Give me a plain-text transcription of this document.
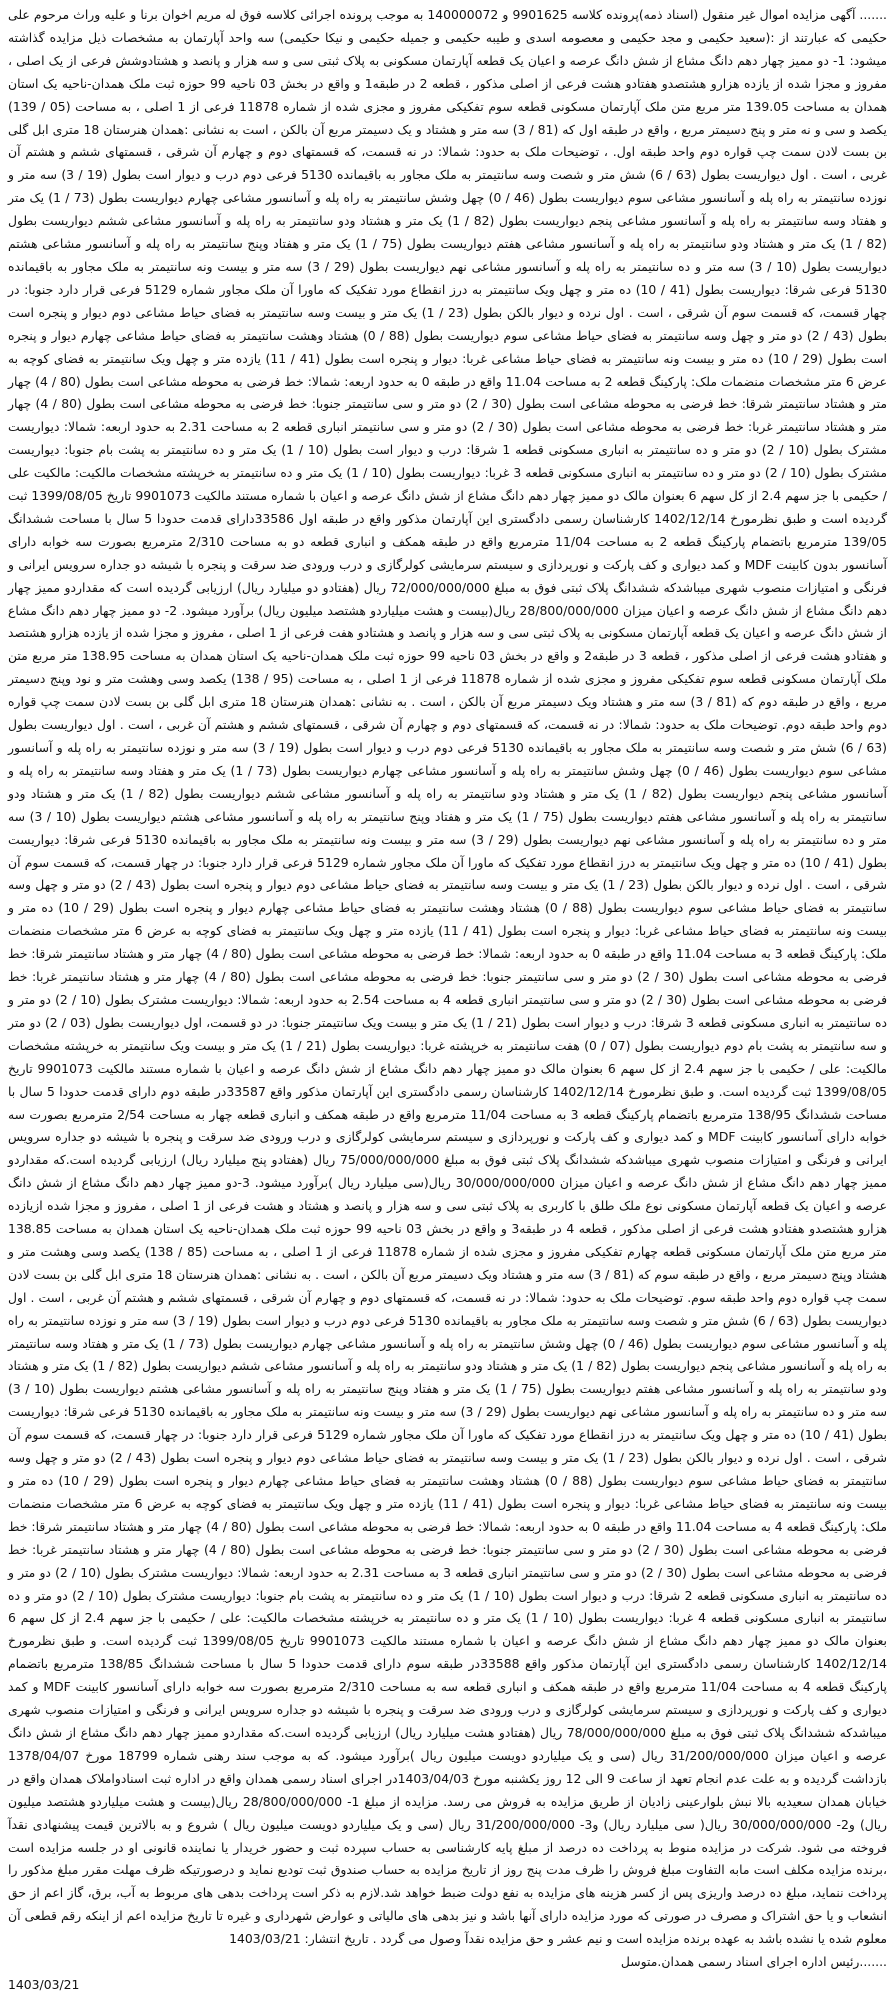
.......آگهی مزایده اموال غیر منقول (اسناد ذمه)پرونده کلاسه 9901625 و 140000072 به موجب پرونده اجرائی کلاسه فوق له مریم اخوان برنا و علیه وراث مرحوم علی حکیمی که عبارتند از :(سعید حکیمی و مجد حکیمی و معصومه اسدی و طیبه حکیمی و جمیله حکیمی و نیکا حکیمی) سه واحد آپارتمان به مشخصات ذیل مزایده گذاشته میشود: 1- دو ممیز چهار دهم دانگ مشاع از شش دانگ عرصه و اعیان یک قطعه آپارتمان مسکونی به پلاک ثبتی سی و سه هزار و پانصد و هشتادوشش فرعی از یک اصلی ، مفروز و مجزا شده از یازده هزارو هشتصدو هفتادو هشت فرعی از اصلی مذکور ، قطعه 2 در طبقه1 و واقع در بخش 03 ناحیه 99 حوزه ثبت ملک همدان-ناحیه یک استان همدان به مساحت 139.05 متر مربع متن ملک آپارتمان مسکونی قطعه سوم تفکیکی مفروز و مجزی شده از شماره 11878 فرعی از 1 اصلی ، به مساحت (05 / 139) یکصد و سی و نه متر و پنج دسیمتر مربع ، واقع در طبقه اول که (81 / 3) سه متر و هشتاد و یک دسیمتر مربع آن بالکن ، است به نشانی :همدان هنرستان 18 متری ابل گلی بن بست لادن سمت چپ قواره دوم واحد طبقه اول. ، توضیحات ملک به حدود: شمالا: در نه قسمت، که قسمتهای دوم و چهارم آن شرقی ، قسمتهای ششم و هشتم آن غربی ، است . اول دیواریست بطول (63 / 6) شش متر و شصت وسه سانتیمتر به ملک مجاور به باقیمانده 5130 فرعی دوم درب و دیوار است بطول (19 / 3) سه متر و نوزده سانتیمتر به راه پله و آسانسور مشاعی سوم دیواریست بطول (46 / 0) چهل وشش سانتیمتر به راه پله و آسانسور مشاعی چهارم دیواریست بطول (73 / 1) یک متر و هفتاد وسه سانتیمتر به راه پله و آسانسور مشاعی پنجم دیواریست بطول (82 / 1) یک متر و هشتاد ودو سانتیمتر به راه پله و آسانسور مشاعی ششم دیواریست بطول (82 / 1) یک متر و هشتاد ودو سانتیمتر به راه پله و آسانسور مشاعی هفتم دیواریست بطول (75 / 1) یک متر و هفتاد وپنج سانتیمتر به راه پله و آسانسور مشاعی هشتم دیواریست بطول (10 / 3) سه متر و ده سانتیمتر به راه پله و آسانسور مشاعی نهم دیواریست بطول (29 / 3) سه متر و بیست ونه سانتیمتر به ملک مجاور به باقیمانده 5130 فرعی شرقا: دیواریست بطول (41 / 10) ده متر و چهل ویک سانتیمتر به درز انقطاع مورد تفکیک که ماورا آن ملک مجاور شماره 5129 فرعی قرار دارد جنوبا: در چهار قسمت، که قسمت سوم آن شرقی ، است . اول نرده و دیوار بالکن بطول (23 / 1) یک متر و بیست وسه سانتیمتر به فضای حیاط مشاعی دوم دیوار و پنجره است بطول (43 / 2) دو متر و چهل وسه سانتیمتر به فضای حیاط مشاعی سوم دیواریست بطول (88 / 0) هشتاد وهشت سانتیمتر به فضای حیاط مشاعی چهارم دیوار و پنجره است بطول (29 / 10) ده متر و بیست ونه سانتیمتر به فضای حیاط مشاعی غربا: دیوار و پنجره است بطول (41 / 11) یازده متر و چهل ویک سانتیمتر به فضای کوچه به عرض 6 متر مشخصات منضمات ملک: پارکینگ قطعه 2 به مساحت 11.04 واقع در طبقه 0 به حدود اربعه: شمالا: خط فرضی به محوطه مشاعی است بطول (80 / 4) چهار متر و هشتاد سانتیمتر شرقا: خط فرضی به محوطه مشاعی است بطول (30 / 2) دو متر و سی سانتیمتر جنوبا: خط فرضی به محوطه مشاعی است بطول (80 / 4) چهار متر و هشتاد سانتیمتر غربا: خط فرضی به محوطه مشاعی است بطول (30 / 2) دو متر و سی سانتیمتر انباری قطعه 2 به مساحت 2.31 به حدود اربعه: شمالا: دیواریست مشترک بطول (10 / 2) دو متر و ده سانتیمتر به انباری مسکونی قطعه 1 شرقا: درب و دیوار است بطول (10 / 1) یک متر و ده سانتیمتر به پشت بام جنوبا: دیواریست مشترک بطول (10 / 2) دو متر و ده سانتیمتر به انباری مسکونی قطعه 3 غربا: دیواریست بطول (10 / 1) یک متر و ده سانتیمتر به خرپشته مشخصات مالکیت: مالکیت علی / حکیمی با جز سهم 2.4 از کل سهم 6 بعنوان مالک دو ممیز چهار دهم دانگ مشاع از شش دانگ عرصه و اعیان با شماره مستند مالکیت 9901073 تاریخ 1399/08/05 ثبت گردیده است و طبق نظرمورخ 1402/12/14 کارشناسان رسمی دادگستری این آپارتمان مذکور واقع در طبقه اول 33586دارای قدمت حدودا 5 سال با مساحت ششدانگ 139/05 مترمربع باتضمام پارکینگ قطعه 2 به مساحت 11/04 مترمربع واقع در طبقه همکف و انباری قطعه دو به مساحت 2/310 مترمربع بصورت سه خوابه دارای آسانسور بدون کابینت MDF و کمد دیواری و کف پارکت و نورپردازی و سیستم سرمایشی کولرگازی و درب ورودی ضد سرقت و پنجره با شیشه دو جداره سرویس ایرانی و فرنگی و امتیازات منصوب شهری میباشدکه ششدانگ پلاک ثبتی فوق به مبلغ 72/000/000/000 ریال (هفتادو دو میلیارد ریال) ارزیابی گردیده است که مقداردو ممیز چهار دهم دانگ مشاع از شش دانگ عرصه و اعیان میزان 28/800/000/000 ریال(بیست و هشت میلیاردو هشتصد میلیون ریال) برآورد میشود. 2- دو ممیز چهار دهم دانگ مشاع از شش دانگ عرصه و اعیان یک قطعه آپارتمان مسکونی به پلاک ثبتی سی و سه هزار و پانصد و هشتادو هفت فرعی از 1 اصلی ، مفروز و مجزا شده از یازده هزارو هشتصد و هفتادو هشت فرعی از اصلی مذکور ، قطعه 3 در طبقه2 و واقع در بخش 03 ناحیه 99 حوزه ثبت ملک همدان-ناحیه یک استان همدان به مساحت 138.95 متر مربع متن ملک آپارتمان مسکونی قطعه سوم تفکیکی مفروز و مجزی شده از شماره 11878 فرعی از 1 اصلی ، به مساحت (95 / 138) یکصد وسی وهشت متر و نود وپنج دسیمتر مربع ، واقع در طبقه دوم که (81 / 3) سه متر و هشتاد ویک دسیمتر مربع آن بالکن ، است . به نشانی :همدان هنرستان 18 متری ابل گلی بن بست لادن سمت چپ قواره دوم واحد طبقه دوم. توضیحات ملک به حدود: شمالا: در نه قسمت، که قسمتهای دوم و چهارم آن شرقی ، قسمتهای ششم و هشتم آن غربی ، است . اول دیواریست بطول (63 / 6) شش متر و شصت وسه سانتیمتر به ملک مجاور به باقیمانده 5130 فرعی دوم درب و دیوار است بطول (19 / 3) سه متر و نوزده سانتیمتر به راه پله و آسانسور مشاعی سوم دیواریست بطول (46 / 0) چهل وشش سانتیمتر به راه پله و آسانسور مشاعی چهارم دیواریست بطول (73 / 1) یک متر و هفتاد وسه سانتیمتر به راه پله و آسانسور مشاعی پنجم دیواریست بطول (82 / 1) یک متر و هشتاد ودو سانتیمتر به راه پله و آسانسور مشاعی ششم دیواریست بطول (82 / 1) یک متر و هشتاد ودو سانتیمتر به راه پله و آسانسور مشاعی هفتم دیواریست بطول (75 / 1) یک متر و هفتاد وپنج سانتیمتر به راه پله و آسانسور مشاعی هشتم دیواریست بطول (10 / 3) سه متر و ده سانتیمتر به راه پله و آسانسور مشاعی نهم دیواریست بطول (29 / 3) سه متر و بیست ونه سانتیمتر به ملک مجاور به باقیمانده 5130 فرعی شرقا: دیواریست بطول (41 / 10) ده متر و چهل ویک سانتیمتر به درز انقطاع مورد تفکیک که ماورا آن ملک مجاور شماره 5129 فرعی قرار دارد جنوبا: در چهار قسمت، که قسمت سوم آن شرقی ، است . اول نرده و دیوار بالکن بطول (23 / 1) یک متر و بیست وسه سانتیمتر به فضای حیاط مشاعی دوم دیوار و پنجره است بطول (43 / 2) دو متر و چهل وسه سانتیمتر به فضای حیاط مشاعی سوم دیواریست بطول (88 / 0) هشتاد وهشت سانتیمتر به فضای حیاط مشاعی چهارم دیوار و پنجره است بطول (29 / 10) ده متر و بیست ونه سانتیمتر به فضای حیاط مشاعی غربا: دیوار و پنجره است بطول (41 / 11) یازده متر و چهل ویک سانتیمتر به فضای کوچه به عرض 6 متر مشخصات منضمات ملک: پارکینگ قطعه 3 به مساحت 11.04 واقع در طبقه 0 به حدود اربعه: شمالا: خط فرضی به محوطه مشاعی است بطول (80 / 4) چهار متر و هشتاد سانتیمتر شرقا: خط فرضی به محوطه مشاعی است بطول (30 / 2) دو متر و سی سانتیمتر جنوبا: خط فرضی به محوطه مشاعی است بطول (80 / 4) چهار متر و هشتاد سانتیمتر غربا: خط فرضی به محوطه مشاعی است بطول (30 / 2) دو متر و سی سانتیمتر انباری قطعه 4 به مساحت 2.54 به حدود اربعه: شمالا: دیواریست مشترک بطول (10 / 2) دو متر و ده سانتیمتر به انباری مسکونی قطعه 3 شرقا: درب و دیوار است بطول (21 / 1) یک متر و بیست ویک سانتیمتر جنوبا: در دو قسمت، اول دیواریست بطول (03 / 2) دو متر و سه سانتیمتر به پشت بام دوم دیواریست بطول (07 / 0) هفت سانتیمتر به خرپشته غربا: دیواریست بطول (21 / 1) یک متر و بیست ویک سانتیمتر به خرپشته مشخصات مالکیت: علی / حکیمی با جز سهم 2.4 از کل سهم 6 بعنوان مالک دو ممیز چهار دهم دانگ مشاع از شش دانگ عرصه و اعیان با شماره مستند مالکیت 9901073 تاریخ 1399/08/05 ثبت گردیده است. و طبق نظرمورخ 1402/12/14 کارشناسان رسمی دادگستری این آپارتمان مذکور واقع 33587در طبقه دوم دارای قدمت حدودا 5 سال با مساحت ششدانگ 138/95 مترمربع باتضمام پارکینگ قطعه 3 به مساحت 11/04 مترمربع واقع در طبقه همکف و انباری قطعه چهار به مساحت 2/54 مترمربع بصورت سه خوابه دارای آسانسور کابینت MDF و کمد دیواری و کف پارکت و نورپردازی و سیستم سرمایشی کولرگازی و درب ورودی ضد سرقت و پنجره با شیشه دو جداره سرویس ایرانی و فرنگی و امتیازات منصوب شهری میباشدکه ششدانگ پلاک ثبتی فوق به مبلغ 75/000/000/000 ریال (هفتادو پنج میلیارد ریال) ارزیابی گردیده است.که مقداردو ممیز چهار دهم دانگ مشاع از شش دانگ عرصه و اعیان میزان 30/000/000/000 ریال(سی میلیارد ریال )برآورد میشود. 3-دو ممیز چهار دهم دانگ مشاع از شش دانگ عرصه و اعیان یک قطعه آپارتمان مسکونی نوع ملک طلق با کاربری به پلاک ثبتی سی و سه هزار و پانصد و هشتاد و هشت فرعی از 1 اصلی ، مفروز و مجزا شده ازیازده هزارو هشتصدو هفتادو هشت فرعی از اصلی مذکور ، قطعه 4 در طبقه3 و واقع در بخش 03 ناحیه 99 حوزه ثبت ملک همدان-ناحیه یک استان همدان به مساحت 138.85 متر مربع متن ملک آپارتمان مسکونی قطعه چهارم تفکیکی مفروز و مجزی شده از شماره 11878 فرعی از 1 اصلی ، به مساحت (85 / 138) یکصد وسی وهشت متر و هشتاد وپنج دسیمتر مربع ، واقع در طبقه سوم که (81 / 3) سه متر و هشتاد ویک دسیمتر مربع آن بالکن ، است . به نشانی :همدان هنرستان 18 متری ابل گلی بن بست لادن سمت چپ قواره دوم واحد طبقه سوم. توضیحات ملک به حدود: شمالا: در نه قسمت، که قسمتهای دوم و چهارم آن شرقی ، قسمتهای ششم و هشتم آن غربی ، است . اول دیواریست بطول (63 / 6) شش متر و شصت وسه سانتیمتر به ملک مجاور به باقیمانده 5130 فرعی دوم درب و دیوار است بطول (19 / 3) سه متر و نوزده سانتیمتر به راه پله و آسانسور مشاعی سوم دیواریست بطول (46 / 0) چهل وشش سانتیمتر به راه پله و آسانسور مشاعی چهارم دیواریست بطول (73 / 1) یک متر و هفتاد وسه سانتیمتر به راه پله و آسانسور مشاعی پنجم دیواریست بطول (82 / 1) یک متر و هشتاد ودو سانتیمتر به راه پله و آسانسور مشاعی ششم دیواریست بطول (82 / 1) یک متر و هشتاد ودو سانتیمتر به راه پله و آسانسور مشاعی هفتم دیواریست بطول (75 / 1) یک متر و هفتاد وپنج سانتیمتر به راه پله و آسانسور مشاعی هشتم دیواریست بطول (10 / 3) سه متر و ده سانتیمتر به راه پله و آسانسور مشاعی نهم دیواریست بطول (29 / 3) سه متر و بیست ونه سانتیمتر به ملک مجاور به باقیمانده 5130 فرعی شرقا: دیواریست بطول (41 / 10) ده متر و چهل ویک سانتیمتر به درز انقطاع مورد تفکیک که ماورا آن ملک مجاور شماره 5129 فرعی قرار دارد جنوبا: در چهار قسمت، که قسمت سوم آن شرقی ، است . اول نرده و دیوار بالکن بطول (23 / 1) یک متر و بیست وسه سانتیمتر به فضای حیاط مشاعی دوم دیوار و پنجره است بطول (43 / 2) دو متر و چهل وسه سانتیمتر به فضای حیاط مشاعی سوم دیواریست بطول (88 / 0) هشتاد وهشت سانتیمتر به فضای حیاط مشاعی چهارم دیوار و پنجره است بطول (29 / 10) ده متر و بیست ونه سانتیمتر به فضای حیاط مشاعی غربا: دیوار و پنجره است بطول (41 / 11) یازده متر و چهل ویک سانتیمتر به فضای کوچه به عرض 6 متر مشخصات منضمات ملک: پارکینگ قطعه 4 به مساحت 11.04 واقع در طبقه 0 به حدود اربعه: شمالا: خط فرضی به محوطه مشاعی است بطول (80 / 4) چهار متر و هشتاد سانتیمتر شرقا: خط فرضی به محوطه مشاعی است بطول (30 / 2) دو متر و سی سانتیمتر جنوبا: خط فرضی به محوطه مشاعی است بطول (80 / 4) چهار متر و هشتاد سانتیمتر غربا: خط فرضی به محوطه مشاعی است بطول (30 / 2) دو متر و سی سانتیمتر انباری قطعه 3 به مساحت 2.31 به حدود اربعه: شمالا: دیواریست مشترک بطول (10 / 2) دو متر و ده سانتیمتر به انباری مسکونی قطعه 2 شرقا: درب و دیوار است بطول (10 / 1) یک متر و ده سانتیمتر به پشت بام جنوبا: دیواریست مشترک بطول (10 / 2) دو متر و ده سانتیمتر به انباری مسکونی قطعه 4 غربا: دیواریست بطول (10 / 1) یک متر و ده سانتیمتر به خرپشته مشخصات مالکیت: علی / حکیمی با جز سهم 2.4 از کل سهم 6 بعنوان مالک دو ممیز چهار دهم دانگ مشاع از شش دانگ عرصه و اعیان با شماره مستند مالکیت 9901073 تاریخ 1399/08/05 ثبت گردیده است. و طبق نظرمورخ 1402/12/14 کارشناسان رسمی دادگستری این آپارتمان مذکور واقع 33588در طبقه سوم دارای قدمت حدودا 5 سال با مساحت ششدانگ 138/85 مترمربع باتضمام پارکینگ قطعه 4 به مساحت 11/04 مترمربع واقع در طبقه همکف و انباری قطعه سه به مساحت 2/310 مترمربع بصورت سه خوابه دارای آسانسور کابینت MDF و کمد دیواری و کف پارکت و نورپردازی و سیستم سرمایشی کولرگازی و درب ورودی ضد سرقت و پنجره با شیشه دو جداره سرویس ایرانی و فرنگی و امتیازات منصوب شهری میباشدکه ششدانگ پلاک ثبتی فوق به مبلغ 78/000/000/000 ریال (هفتادو هشت میلیارد ریال) ارزیابی گردیده است.که مقداردو ممیز چهار دهم دانگ مشاع از شش دانگ عرصه و اعیان میزان 31/200/000/000 ریال (سی و یک میلیاردو دویست میلیون ریال )برآورد میشود. که به موجب سند رهنی شماره 18799 مورخ 1378/04/07 بازداشت گردیده و به علت عدم انجام تعهد از ساعت 9 الی 12 روز یکشنبه مورخ 1403/04/03در اجرای اسناد رسمی همدان واقع در اداره ثبت اسنادواملاک همدان واقع در خیابان همدان سعیدیه بالا نبش بلوارعینی زادیان از طریق مزایده به فروش می رسد. مزایده از مبلغ 1- 28/800/000/000 ریال(بیست و هشت میلیاردو هشتصد میلیون ریال) و2- 30/000/000/000 ریال( سی میلیارد ریال) و3- 31/200/000/000 ریال (سی و یک میلیاردو دویست میلیون ریال ) شروع و به بالاترین قیمت پیشنهادی نقدآ فروخته می شود. شرکت در مزایده منوط به پرداخت ده درصد از مبلغ پایه کارشناسی به حساب سپرده ثبت و حضور خریدار یا نماینده قانونی او در جلسه مزایده است ،برنده مزایده مکلف است مابه التفاوت مبلغ فروش را ظرف مدت پنج روز از تاریخ مزایده به حساب صندوق ثبت تودیع نماید و درصورتیکه ظرف مهلت مقرر مبلغ مذکور را پرداخت ننماید، مبلغ ده درصد واریزی پس از کسر هزینه های مزایده به نفع دولت ضبط خواهد شد.لازم به ذکر است پرداخت بدهی های مربوط به آب، برق، گاز اعم از حق انشعاب و یا حق اشتراک و مصرف در صورتی که مورد مزایده دارای آنها باشد و نیز بدهی های مالیاتی و عوارض شهرداری و غیره تا تاریخ مزایده اعم از اینکه رقم قطعی آن معلوم شده یا نشده باشد به عهده برنده مزایده است و نیم عشر و حق مزایده نقدآ وصول می گردد . تاریخ انتشار: 1403/03/21

.......رئیس اداره اجرای اسناد رسمی همدان.متوسل

1403/03/21
